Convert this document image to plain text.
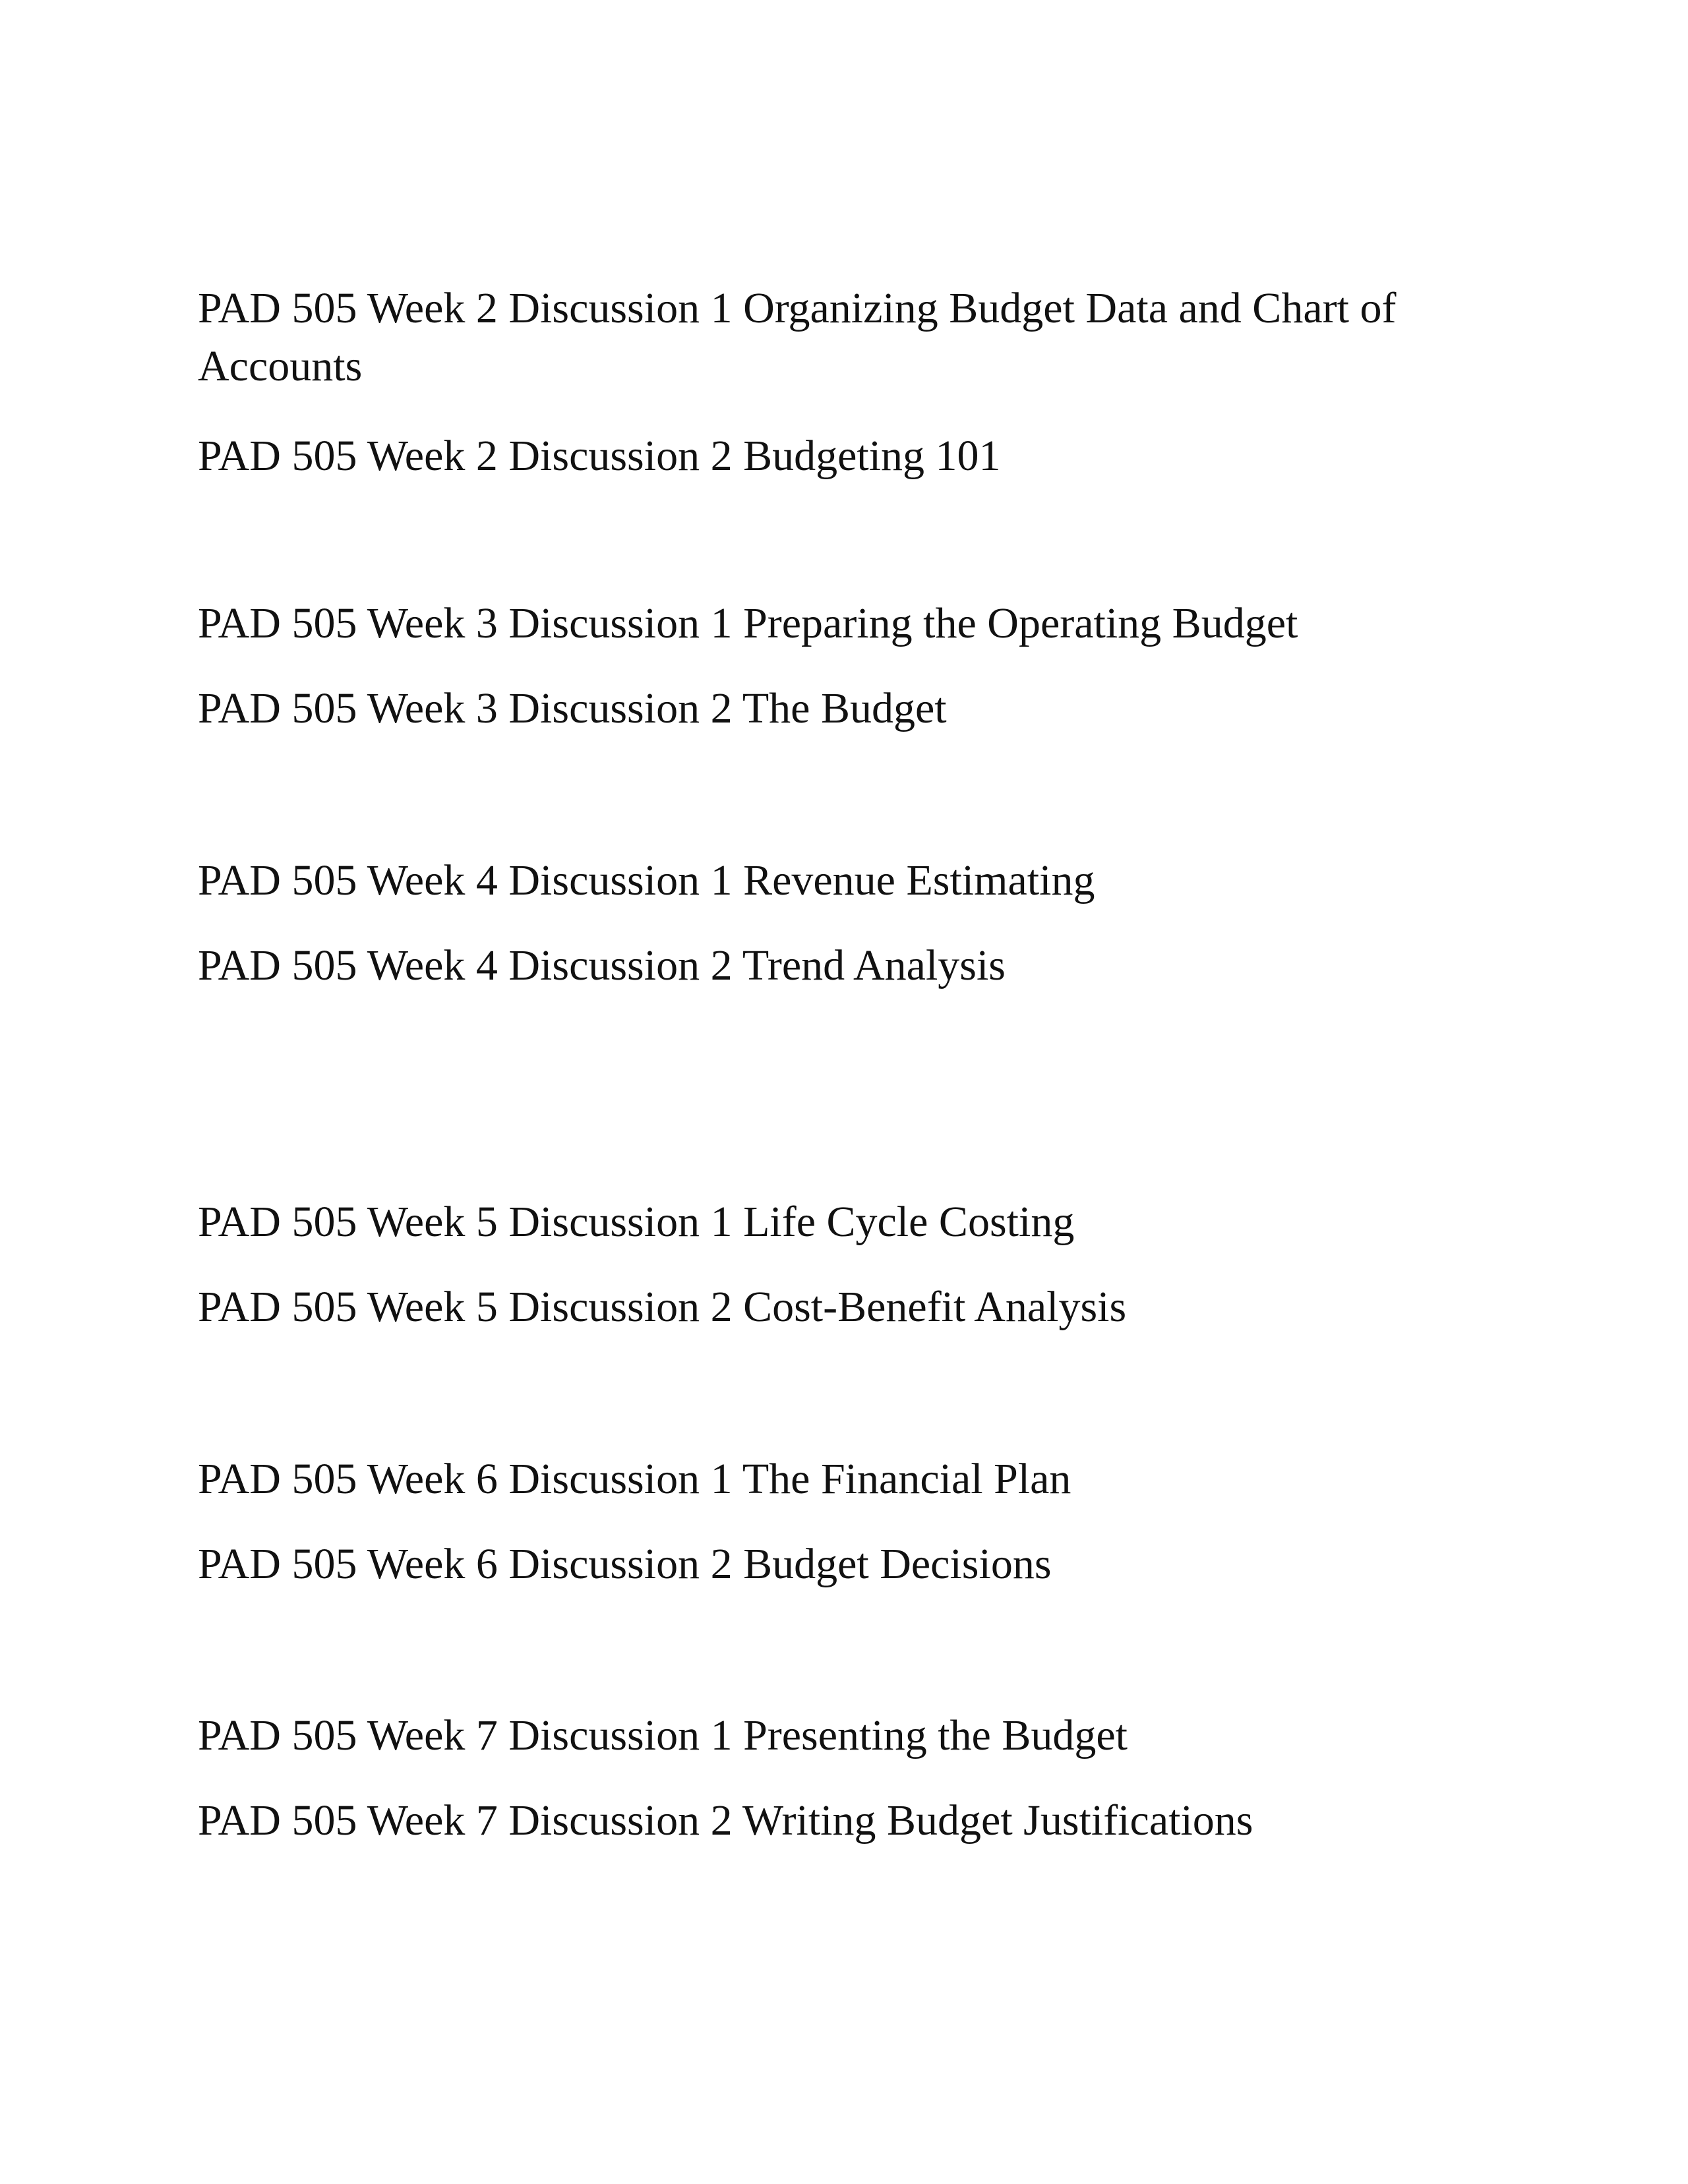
PAD 505 Week 2 Discussion 1 Organizing Budget Data and Chart of Accounts

PAD 505 Week 2 Discussion 2 Budgeting 101

PAD 505 Week 3 Discussion 1 Preparing the Operating Budget

PAD 505 Week 3 Discussion 2 The Budget

PAD 505 Week 4 Discussion 1 Revenue Estimating

PAD 505 Week 4 Discussion 2 Trend Analysis

PAD 505 Week 5 Discussion 1 Life Cycle Costing

PAD 505 Week 5 Discussion 2 Cost-Benefit Analysis

PAD 505 Week 6 Discussion 1 The Financial Plan

PAD 505 Week 6 Discussion 2 Budget Decisions

PAD 505 Week 7 Discussion 1 Presenting the Budget

PAD 505 Week 7 Discussion 2 Writing Budget Justifications
